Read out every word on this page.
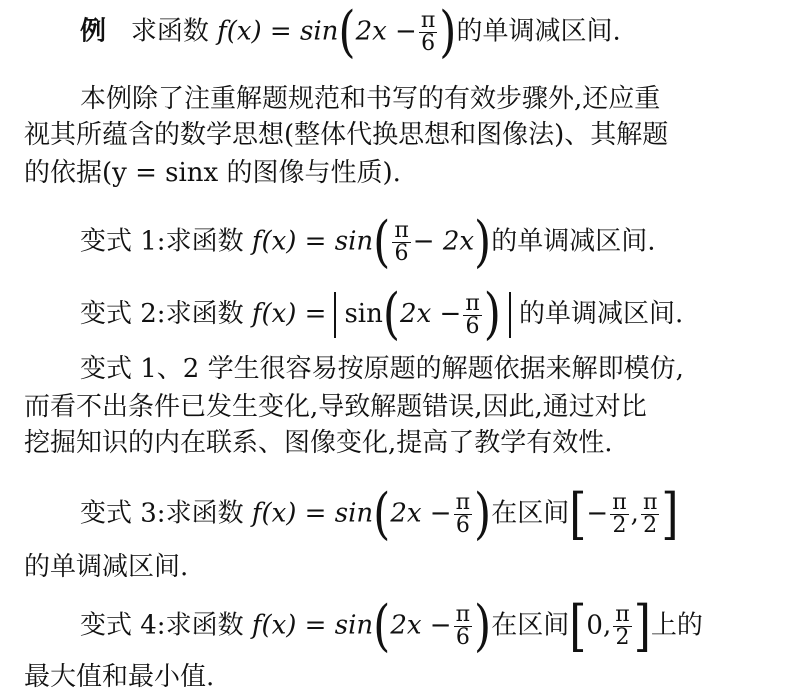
例 求函数 $f(x) = \sin(2x - \frac{\pi}{6}$ )的单调减区间.
本例除了注重解题规范和书写的有效步骤外,还应重
视其所蕴含的数学思想(整体代换思想和图像法)、其解题
的依据(y = sinx 的图像与性质).
变式 1:求函数 $f(x) = \sin( \frac{\pi}{6} - 2x)$的单调减区间.
变式 2:求函数 $f(x) = \sin(2x - \frac{\pi}{6}$ ) 的单调减区间.
变式 1、2 学生很容易按原题的解题依据来解即模仿,
而看不出条件已发生变化,导致解题错误,因此,通过对比
挖掘知识的内在联系、图像变化,提高了教学有效性.
变式 3:求函数 $f(x) = \sin(2x - \frac{\pi}{6}$ )在区间[− $\frac{\pi}{2}$ , $\frac{\pi}{2}$ ]
的单调减区间.
变式 4:求函数 $f(x) = \sin(2x - \frac{\pi}{6}$ )在区间[0, $\frac{\pi}{2}$ ]上的
最大值和最小值.
